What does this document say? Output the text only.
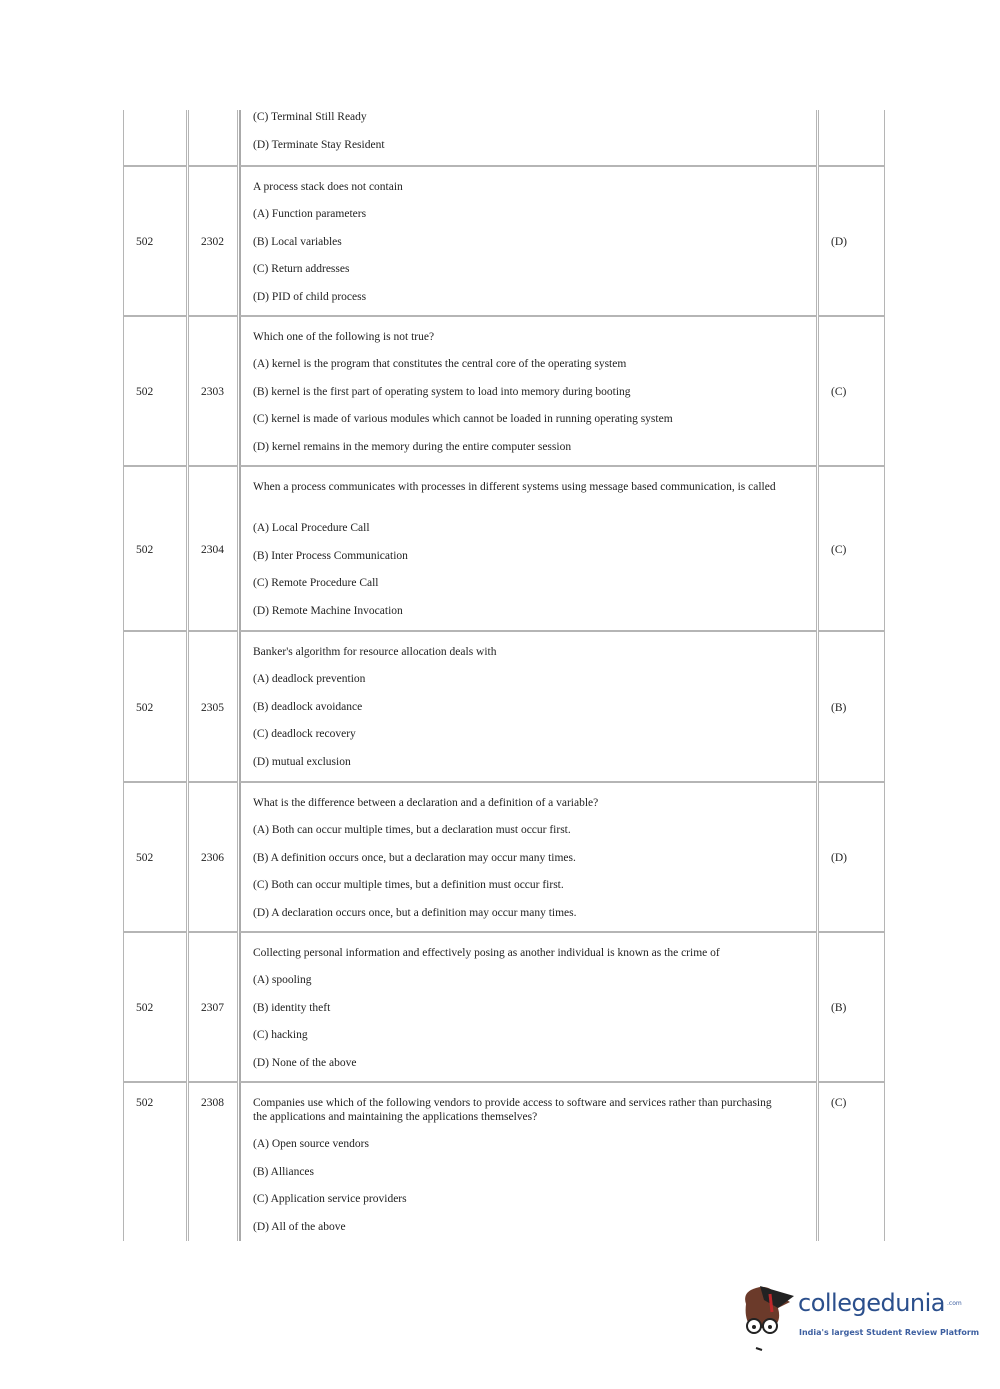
(C) Terminal Still Ready
(D) Terminate Stay Resident
502	2302
A process stack does not contain
(A) Function parameters
(B) Local variables
(C) Return addresses
(D) PID of child process
(D)
502	2303
Which one of the following is not true?
(A) kernel is the program that constitutes the central core of the operating system
(B) kernel is the first part of operating system to load into memory during booting
(C) kernel is made of various modules which cannot be loaded in running operating system
(D) kernel remains in the memory during the entire computer session
(C)
502	2304
When a process communicates with processes in different systems using message based communication, is called
(A) Local Procedure Call
(B) Inter Process Communication
(C) Remote Procedure Call
(D) Remote Machine Invocation
(C)
502	2305
Banker's algorithm for resource allocation deals with
(A) deadlock prevention
(B) deadlock avoidance
(C) deadlock recovery
(D) mutual exclusion
(B)
502	2306
What is the difference between a declaration and a definition of a variable?
(A) Both can occur multiple times, but a declaration must occur first.
(B) A definition occurs once, but a declaration may occur many times.
(C) Both can occur multiple times, but a definition must occur first.
(D) A declaration occurs once, but a definition may occur many times.
(D)
502	2307
Collecting personal information and effectively posing as another individual is known as the crime of
(A) spooling
(B) identity theft
(C) hacking
(D) None of the above
(B)
502	2308	Companies use which of the following vendors to provide access to software and services rather than purchasing the applications and maintaining the applications themselves?
(A) Open source vendors
(B) Alliances
(C) Application service providers
(D) All of the above
(C)
collegedunia .com
India's largest Student Review Platform
